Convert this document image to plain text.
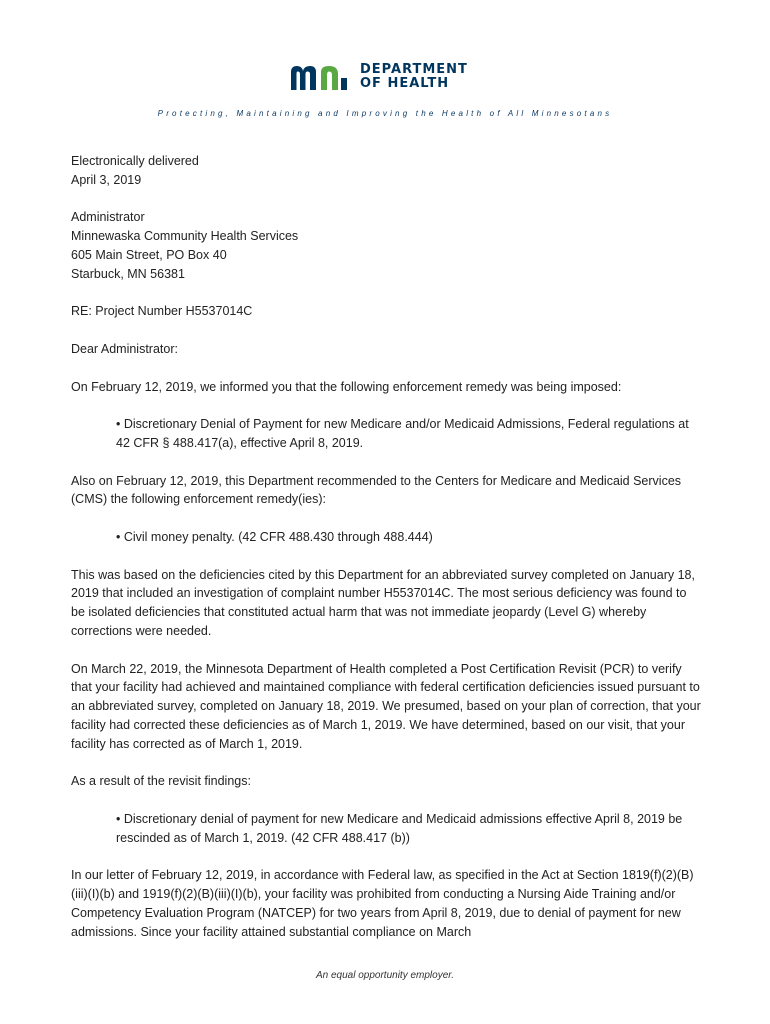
DEPARTMENT
OF HEALTH
Protecting, Maintaining and Improving the Health of All Minnesotans

Electronically delivered

April 3, 2019

Administrator

Minnewaska Community Health Services

605 Main Street, PO Box 40

Starbuck, MN 56381

RE: Project Number H5537014C

Dear Administrator:

On February 12, 2019, we informed you that the following enforcement remedy was being imposed:

• Discretionary Denial of Payment for new Medicare and/or Medicaid Admissions, Federal regulations at 42 CFR § 488.417(a), effective April 8, 2019.

Also on February 12, 2019, this Department recommended to the Centers for Medicare and Medicaid Services (CMS) the following enforcement remedy(ies):

• Civil money penalty. (42 CFR 488.430 through 488.444)

This was based on the deficiencies cited by this Department for an abbreviated survey completed on January 18, 2019 that included an investigation of complaint number H5537014C. The most serious deficiency was found to be isolated deficiencies that constituted actual harm that was not immediate jeopardy (Level G) whereby corrections were needed.

On March 22, 2019, the Minnesota Department of Health completed a Post Certification Revisit (PCR) to verify that your facility had achieved and maintained compliance with federal certification deficiencies issued pursuant to an abbreviated survey, completed on January 18, 2019. We presumed, based on your plan of correction, that your facility had corrected these deficiencies as of March 1, 2019. We have determined, based on our visit, that your facility has corrected as of March 1, 2019.

As a result of the revisit findings:

• Discretionary denial of payment for new Medicare and Medicaid admissions effective April 8, 2019 be rescinded as of March 1, 2019. (42 CFR 488.417 (b))

In our letter of February 12, 2019, in accordance with Federal law, as specified in the Act at Section 1819(f)(2)(B)(iii)(I)(b) and 1919(f)(2)(B)(iii)(I)(b), your facility was prohibited from conducting a Nursing Aide Training and/or Competency Evaluation Program (NATCEP) for two years from April 8, 2019, due to denial of payment for new admissions. Since your facility attained substantial compliance on March

An equal opportunity employer.
